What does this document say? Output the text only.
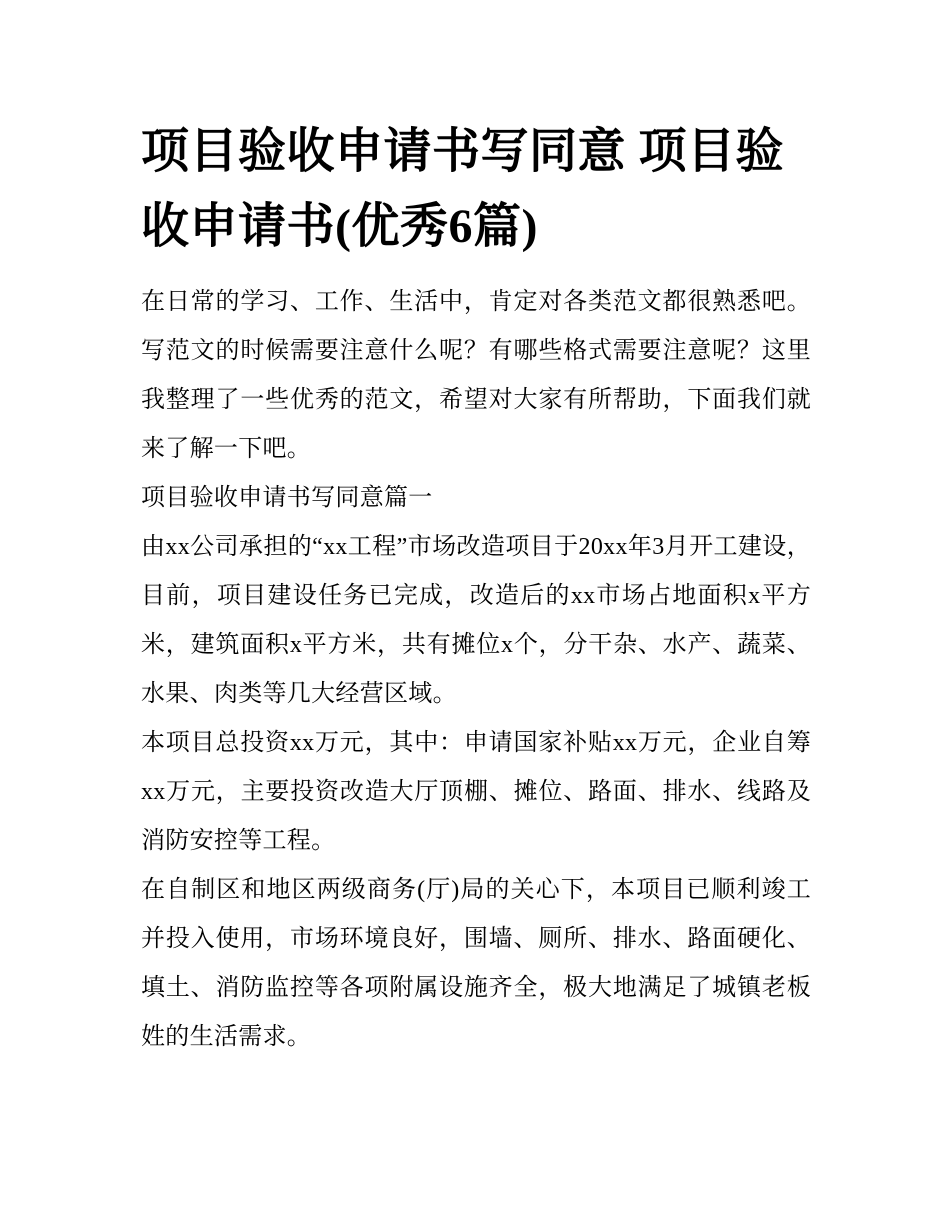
项目验收申请书写同意 项目验收申请书(优秀6篇)

在日常的学习、工作、生活中，肯定对各类范文都很熟悉吧。写范文的时候需要注意什么呢？有哪些格式需要注意呢？这里我整理了一些优秀的范文，希望对大家有所帮助，下面我们就来了解一下吧。

项目验收申请书写同意篇一

由xx公司承担的“xx工程”市场改造项目于20xx年3月开工建设，目前，项目建设任务已完成，改造后的xx市场占地面积x平方米，建筑面积x平方米，共有摊位x个，分干杂、水产、蔬菜、水果、肉类等几大经营区域。

本项目总投资xx万元，其中：申请国家补贴xx万元，企业自筹xx万元，主要投资改造大厅顶棚、摊位、路面、排水、线路及消防安控等工程。

在自制区和地区两级商务(厅)局的关心下，本项目已顺利竣工并投入使用，市场环境良好，围墙、厕所、排水、路面硬化、填土、消防监控等各项附属设施齐全，极大地满足了城镇老板姓的生活需求。
